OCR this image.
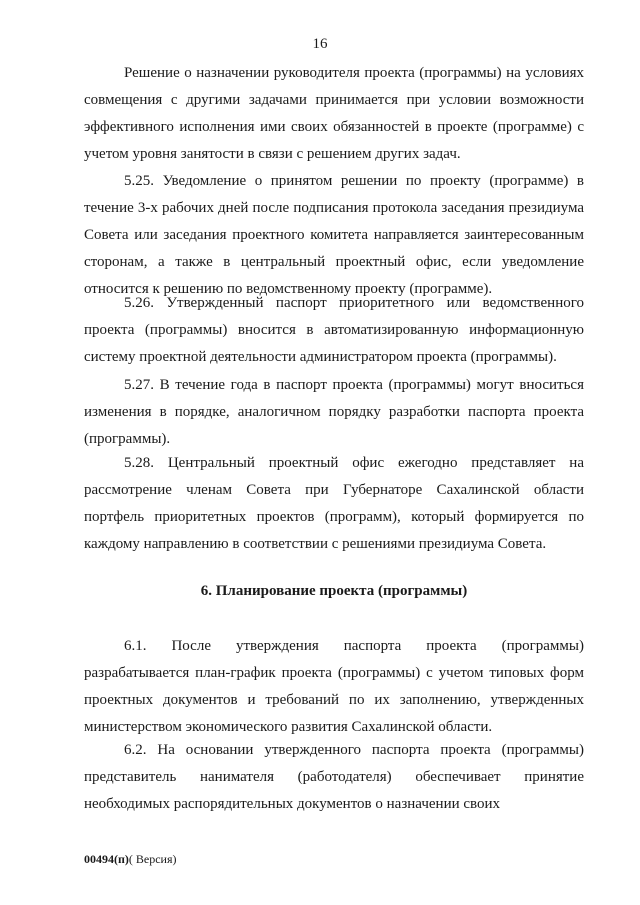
16

Решение о назначении руководителя проекта (программы) на условиях совмещения с другими задачами принимается при условии возможности эффективного исполнения ими своих обязанностей в проекте (программе) с учетом уровня занятости в связи с решением других задач.

5.25. Уведомление о принятом решении по проекту (программе) в течение 3-х рабочих дней после подписания протокола заседания президиума Совета или заседания проектного комитета направляется заинтересованным сторонам, а также в центральный проектный офис, если уведомление относится к решению по ведомственному проекту (программе).

5.26. Утвержденный паспорт приоритетного или ведомственного проекта (программы) вносится в автоматизированную информационную систему проектной деятельности администратором проекта (программы).

5.27. В течение года в паспорт проекта (программы) могут вноситься изменения в порядке, аналогичном порядку разработки паспорта проекта (программы).

5.28. Центральный проектный офис ежегодно представляет на рассмотрение членам Совета при Губернаторе Сахалинской области портфель приоритетных проектов (программ), который формируется по каждому направлению в соответствии с решениями президиума Совета.

6. Планирование проекта (программы)

6.1. После утверждения паспорта проекта (программы) разрабатывается план-график проекта (программы) с учетом типовых форм проектных документов и требований по их заполнению, утвержденных министерством экономического развития Сахалинской области.

6.2. На основании утвержденного паспорта проекта (программы) представитель нанимателя (работодателя) обеспечивает принятие необходимых распорядительных документов о назначении своих

00494(п)( Версия)
